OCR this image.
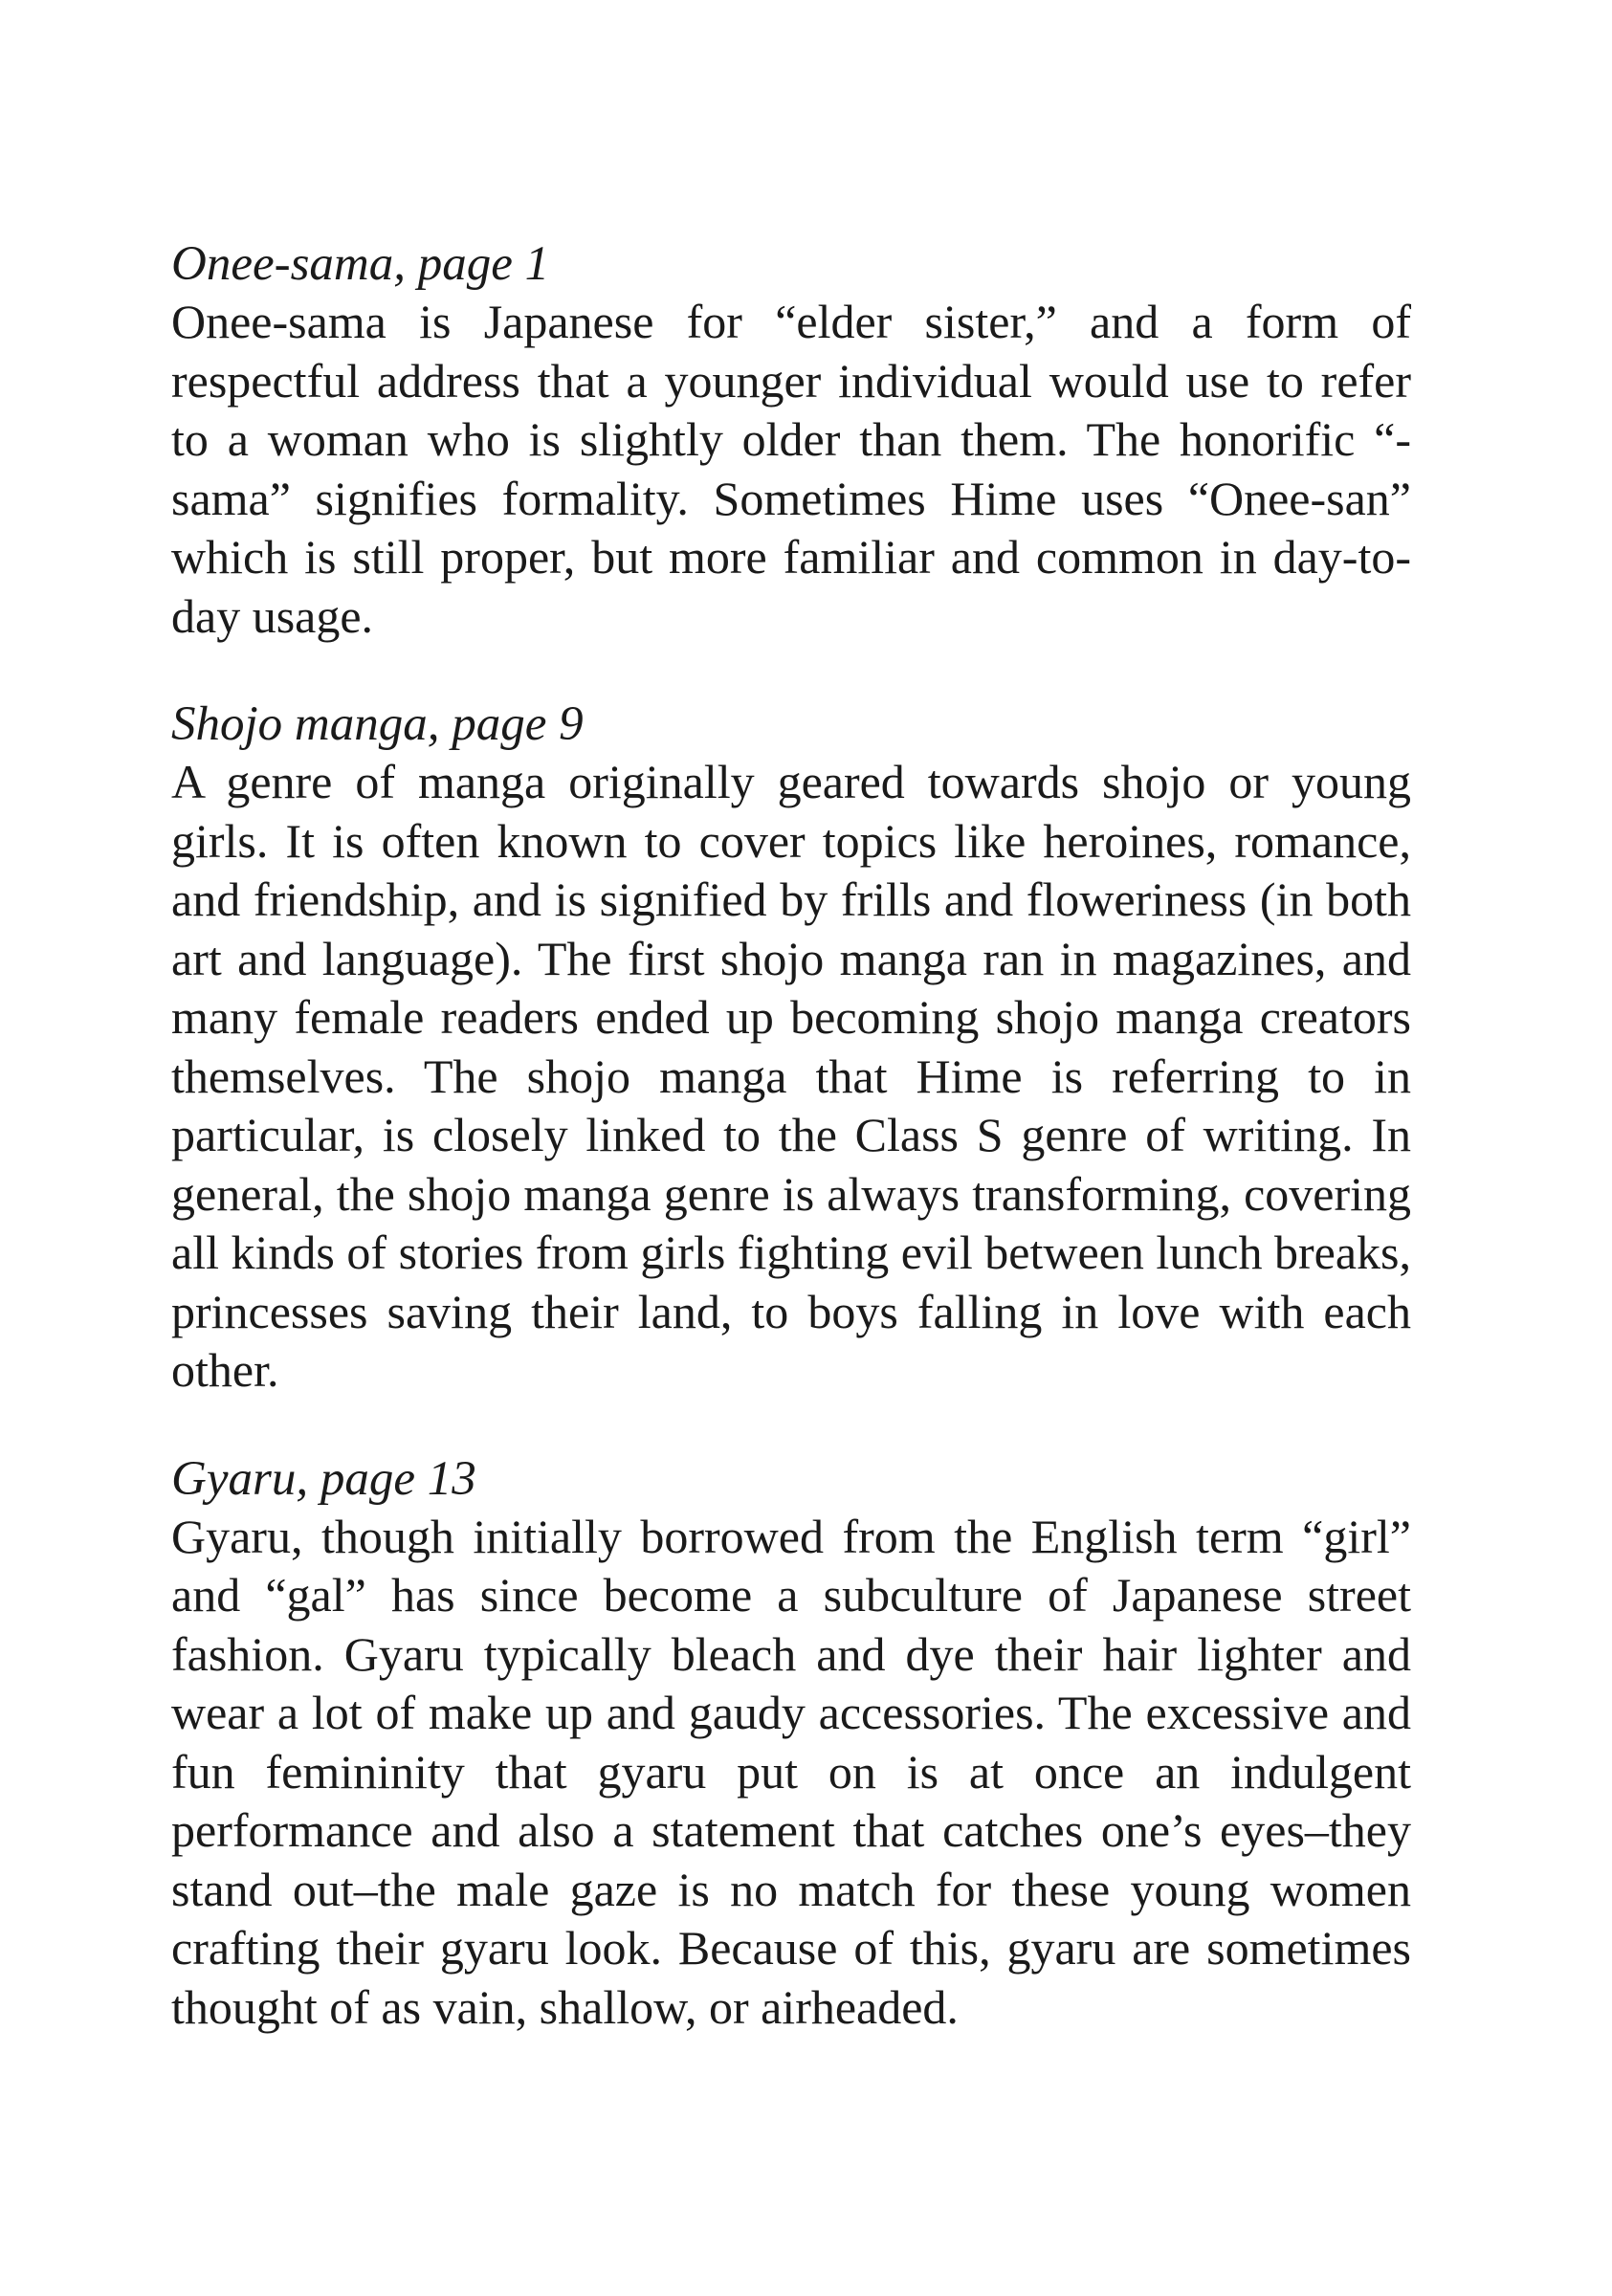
Onee-sama, page 1

Onee-sama is Japanese for “elder sister,” and a form of respectful address that a younger individual would use to refer to a woman who is slightly older than them. The honorific “-sama” signifies formality. Sometimes Hime uses “Onee-san” which is still proper, but more familiar and common in day-to-day usage.

Shojo manga, page 9

A genre of manga originally geared towards shojo or young girls. It is often known to cover topics like heroines, romance, and friendship, and is signified by frills and floweriness (in both art and language). The first shojo manga ran in magazines, and many female readers ended up becoming shojo manga creators themselves. The shojo manga that Hime is referring to in particular, is closely linked to the Class S genre of writing. In general, the shojo manga genre is always transforming, covering all kinds of stories from girls fighting evil between lunch breaks, princesses saving their land, to boys falling in love with each other.

Gyaru, page 13

Gyaru, though initially borrowed from the English term “girl” and “gal” has since become a subculture of Japanese street fashion. Gyaru typically bleach and dye their hair lighter and wear a lot of make up and gaudy accessories. The excessive and fun femininity that gyaru put on is at once an indulgent performance and also a statement that catches one’s eyes–they stand out–the male gaze is no match for these young women crafting their gyaru look. Because of this, gyaru are sometimes thought of as vain, shallow, or airheaded.
